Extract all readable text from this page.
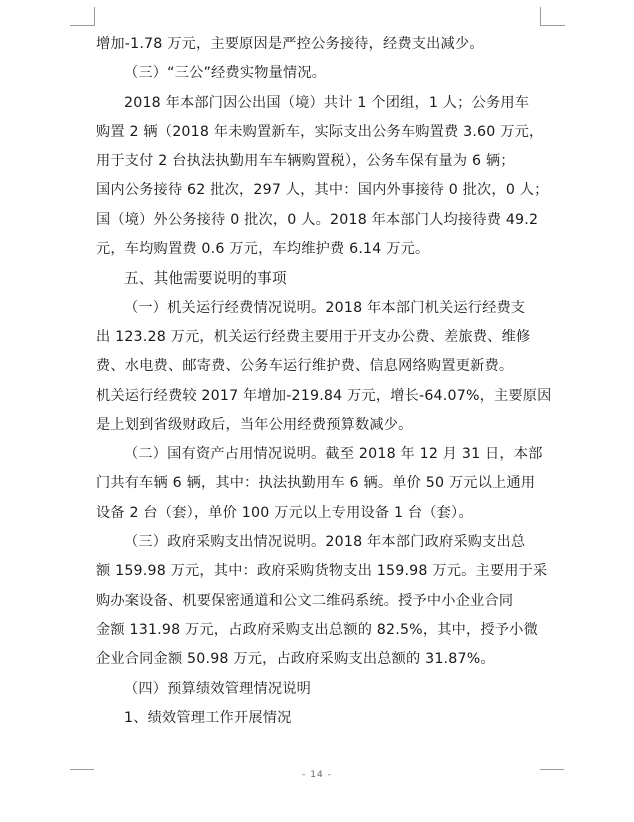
增加-1.78 万元，主要原因是严控公务接待，经费支出减少。
（三）“三公”经费实物量情况。
2018 年本部门因公出国（境）共计 1 个团组，1 人；公务用车
购置 2 辆（2018 年未购置新车，实际支出公务车购置费 3.60 万元，
用于支付 2 台执法执勤用车车辆购置税），公务车保有量为 6 辆；
国内公务接待 62 批次，297 人，其中：国内外事接待 0 批次，0 人；
国（境）外公务接待 0 批次，0 人。2018 年本部门人均接待费 49.2
元，车均购置费 0.6 万元，车均维护费 6.14 万元。
五、其他需要说明的事项
（一）机关运行经费情况说明。2018 年本部门机关运行经费支
出 123.28 万元，机关运行经费主要用于开支办公费、差旅费、维修
费、水电费、邮寄费、公务车运行维护费、信息网络购置更新费。
机关运行经费较 2017 年增加-219.84 万元，增长-64.07%，主要原因
是上划到省级财政后，当年公用经费预算数减少。
（二）国有资产占用情况说明。截至 2018 年 12 月 31 日，本部
门共有车辆 6 辆，其中：执法执勤用车 6 辆。单价 50 万元以上通用
设备 2 台（套），单价 100 万元以上专用设备 1 台（套）。
（三）政府采购支出情况说明。2018 年本部门政府采购支出总
额 159.98 万元，其中：政府采购货物支出 159.98 万元。主要用于采
购办案设备、机要保密通道和公文二维码系统。授予中小企业合同
金额 131.98 万元，占政府采购支出总额的 82.5%，其中，授予小微
企业合同金额 50.98 万元，占政府采购支出总额的 31.87%。
（四）预算绩效管理情况说明
1、绩效管理工作开展情况
- 14 -
